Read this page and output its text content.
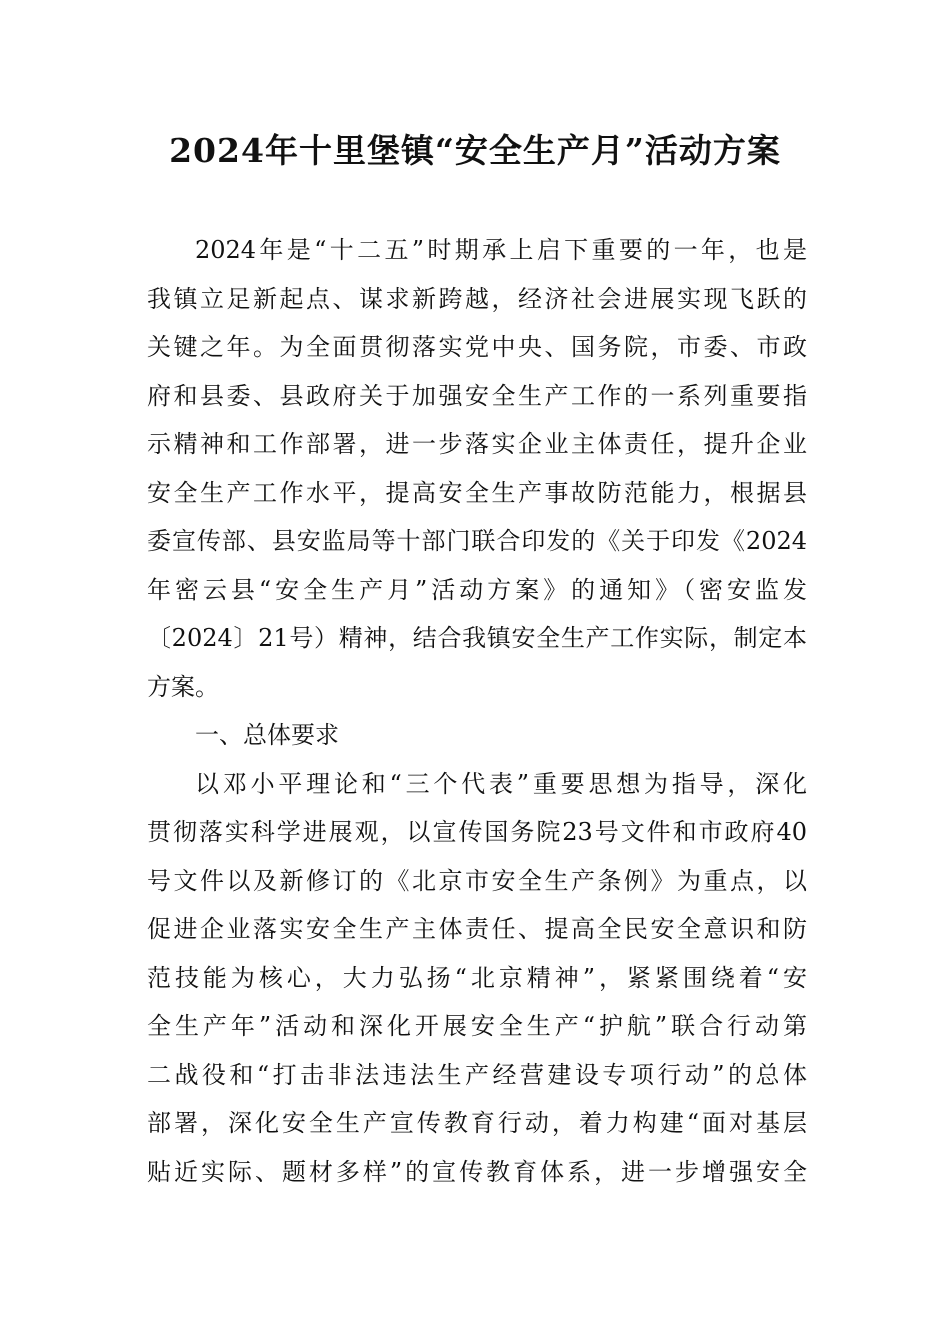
2024年十里堡镇“安全生产月”活动方案
2024年是“十二五”时期承上启下重要的一年，也是
我镇立足新起点、谋求新跨越，经济社会进展实现飞跃的
关键之年。为全面贯彻落实党中央、国务院，市委、市政
府和县委、县政府关于加强安全生产工作的一系列重要指
示精神和工作部署，进一步落实企业主体责任，提升企业
安全生产工作水平，提高安全生产事故防范能力，根据县
委宣传部、县安监局等十部门联合印发的《关于印发《2024
年密云县“安全生产月”活动方案》的通知》（密安监发
〔2024〕21号）精神，结合我镇安全生产工作实际，制定本
方案。
一、总体要求
以邓小平理论和“三个代表”重要思想为指导，深化
贯彻落实科学进展观，以宣传国务院23号文件和市政府40
号文件以及新修订的《北京市安全生产条例》为重点，以
促进企业落实安全生产主体责任、提高全民安全意识和防
范技能为核心，大力弘扬“北京精神”，紧紧围绕着“安
全生产年”活动和深化开展安全生产“护航”联合行动第
二战役和“打击非法违法生产经营建设专项行动”的总体
部署，深化安全生产宣传教育行动，着力构建“面对基层
贴近实际、题材多样”的宣传教育体系，进一步增强安全
